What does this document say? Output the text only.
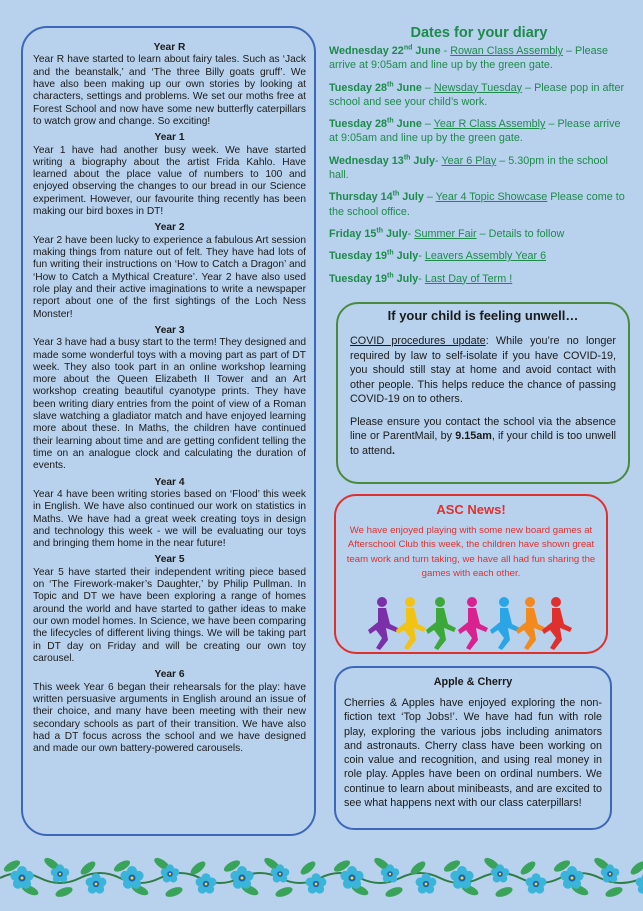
Year R

Year R have started to learn about fairy tales. Such as ‘Jack and the beanstalk,’ and ‘The three Billy goats gruff’. We have also been making up our own stories by looking at characters, settings and problems. We set our moths free at Forest School and now have some new butterfly caterpillars to watch grow and change. So exciting!

Year 1

Year 1 have had another busy week. We have started writing a biography about the artist Frida Kahlo. Have learned about the place value of numbers to 100 and enjoyed observing the changes to our bread in our Science experiment. However, our favourite thing recently has been making our bird boxes in DT!

Year 2

Year 2 have been lucky to experience a fabulous Art session making things from nature out of felt. They have had lots of fun writing their instructions on ‘How to Catch a Dragon’ and ‘How to Catch a Mythical Creature’. Year 2 have also used role play and their active imaginations to write a newspaper report about one of the first sightings of the Loch Ness Monster!

Year 3

Year 3 have had a busy start to the term! They designed and made some wonderful toys with a moving part as part of DT week. They also took part in an online workshop learning more about the Queen Elizabeth II Tower and an Art workshop creating beautiful cyanotype prints. They have been writing diary entries from the point of view of a Roman slave watching a gladiator match and have enjoyed learning more about these. In Maths, the children have continued their learning about time and are getting confident telling the time on an analogue clock and calculating the duration of events.

Year 4

Year 4 have been writing stories based on ‘Flood’ this week in English. We have also continued our work on statistics in Maths. We have had a great week creating toys in design and technology this week - we will be evaluating our toys and bringing them home in the near future!

Year 5

Year 5 have started their independent writing piece based on ‘The Firework-maker’s Daughter,’ by Philip Pullman. In Topic and DT we have been exploring a range of homes around the world and have started to gather ideas to make our own model homes. In Science, we have been comparing the lifecycles of different living things. We will be taking part in DT day on Friday and will be creating our own toy carousel.

Year 6

This week Year 6 began their rehearsals for the play: have written persuasive arguments in English around an issue of their choice, and many have been meeting with their new secondary schools as part of their transition. We have also had a DT focus across the school and we have designed and made our own battery-powered carousels.

Dates for your diary
Wednesday 22nd June - Rowan Class Assembly – Please arrive at 9:05am and line up by the green gate.
Tuesday 28th June – Newsday Tuesday – Please pop in after school and see your child’s work.
Tuesday 28th June – Year R Class Assembly – Please arrive at 9:05am and line up by the green gate.
Wednesday 13th July- Year 6 Play – 5.30pm in the school hall.
Thursday 14th July – Year 4 Topic Showcase Please come to the school office.
Friday 15th July- Summer Fair – Details to follow
Tuesday 19th July- Leavers Assembly Year 6
Tuesday 19th July- Last Day of Term !
If your child is feeling unwell…

COVID procedures update: While you’re no longer required by law to self-isolate if you have COVID-19, you should still stay at home and avoid contact with other people. This helps reduce the chance of passing COVID-19 on to others.

Please ensure you contact the school via the absence line or ParentMail, by 9.15am, if your child is too unwell to attend.

ASC News!

We have enjoyed playing with some new board games at Afterschool Club this week, the children have shown great team work and turn taking, we have all had fun sharing the games with each other.

Apple & Cherry

Cherries & Apples have enjoyed exploring the non-fiction text ‘Top Jobs!’. We have had fun with role play, exploring the various jobs including animators and astronauts. Cherry class have been working on coin value and recognition, and using real money in role play. Apples have been on ordinal numbers. We continue to learn about minibeasts, and are excited to see what happens next with our class caterpillars!
